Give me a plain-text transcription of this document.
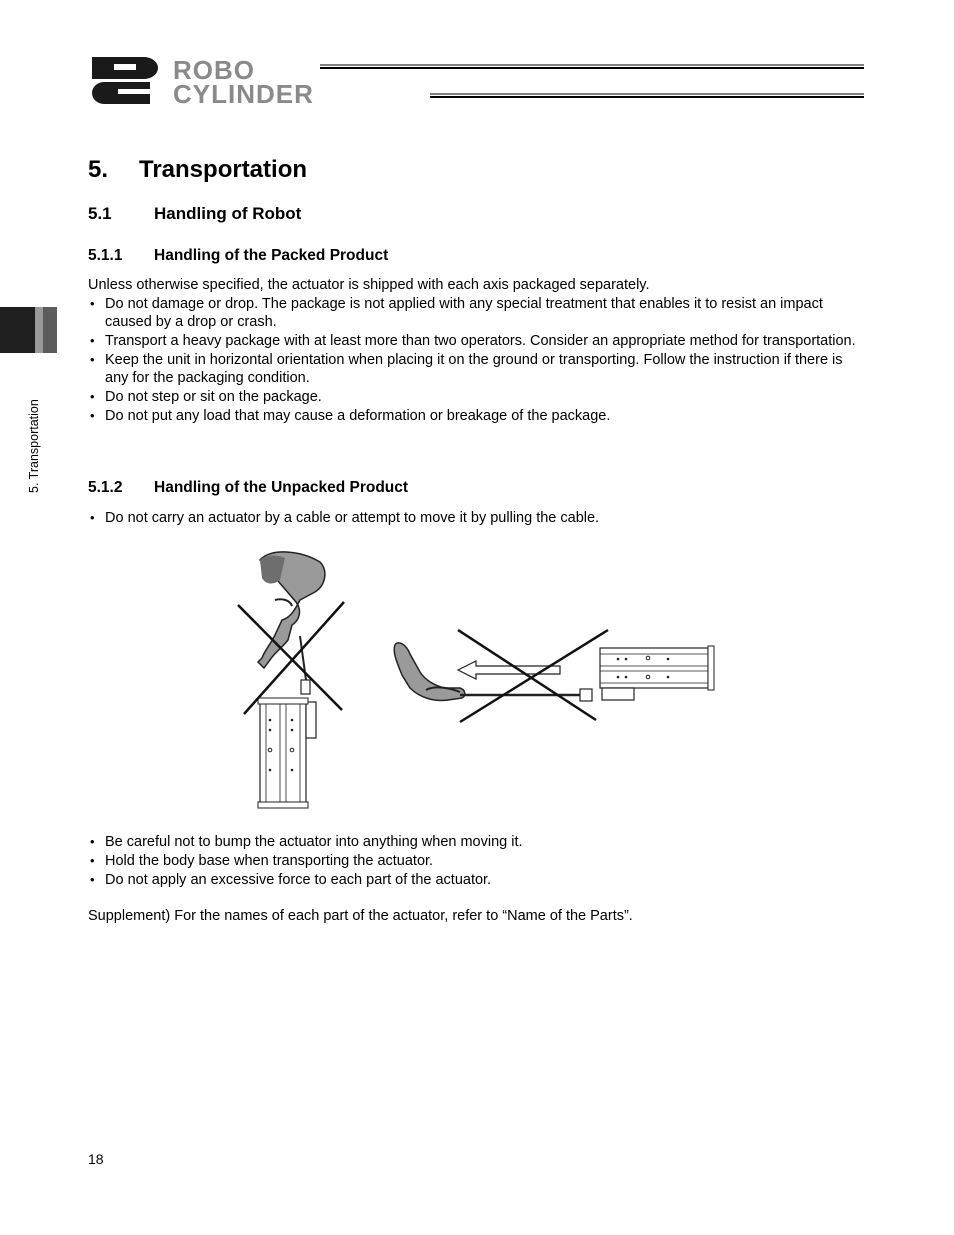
ROBO
CYLINDER
5. Transportation
5. Transportation
5.1 Handling of Robot
5.1.1 Handling of the Packed Product

Unless otherwise specified, the actuator is shipped with each axis packaged separately.

• Do not damage or drop. The package is not applied with any special treatment that enables it to resist an impact caused by a drop or crash.
• Transport a heavy package with at least more than two operators. Consider an appropriate method for transportation.
• Keep the unit in horizontal orientation when placing it on the ground or transporting. Follow the instruction if there is any for the packaging condition.
• Do not step or sit on the package.
• Do not put any load that may cause a deformation or breakage of the package.
5.1.2 Handling of the Unpacked Product
• Do not carry an actuator by a cable or attempt to move it by pulling the cable.
• Be careful not to bump the actuator into anything when moving it.
• Hold the body base when transporting the actuator.
• Do not apply an excessive force to each part of the actuator.

Supplement) For the names of each part of the actuator, refer to “Name of the Parts”.

18
